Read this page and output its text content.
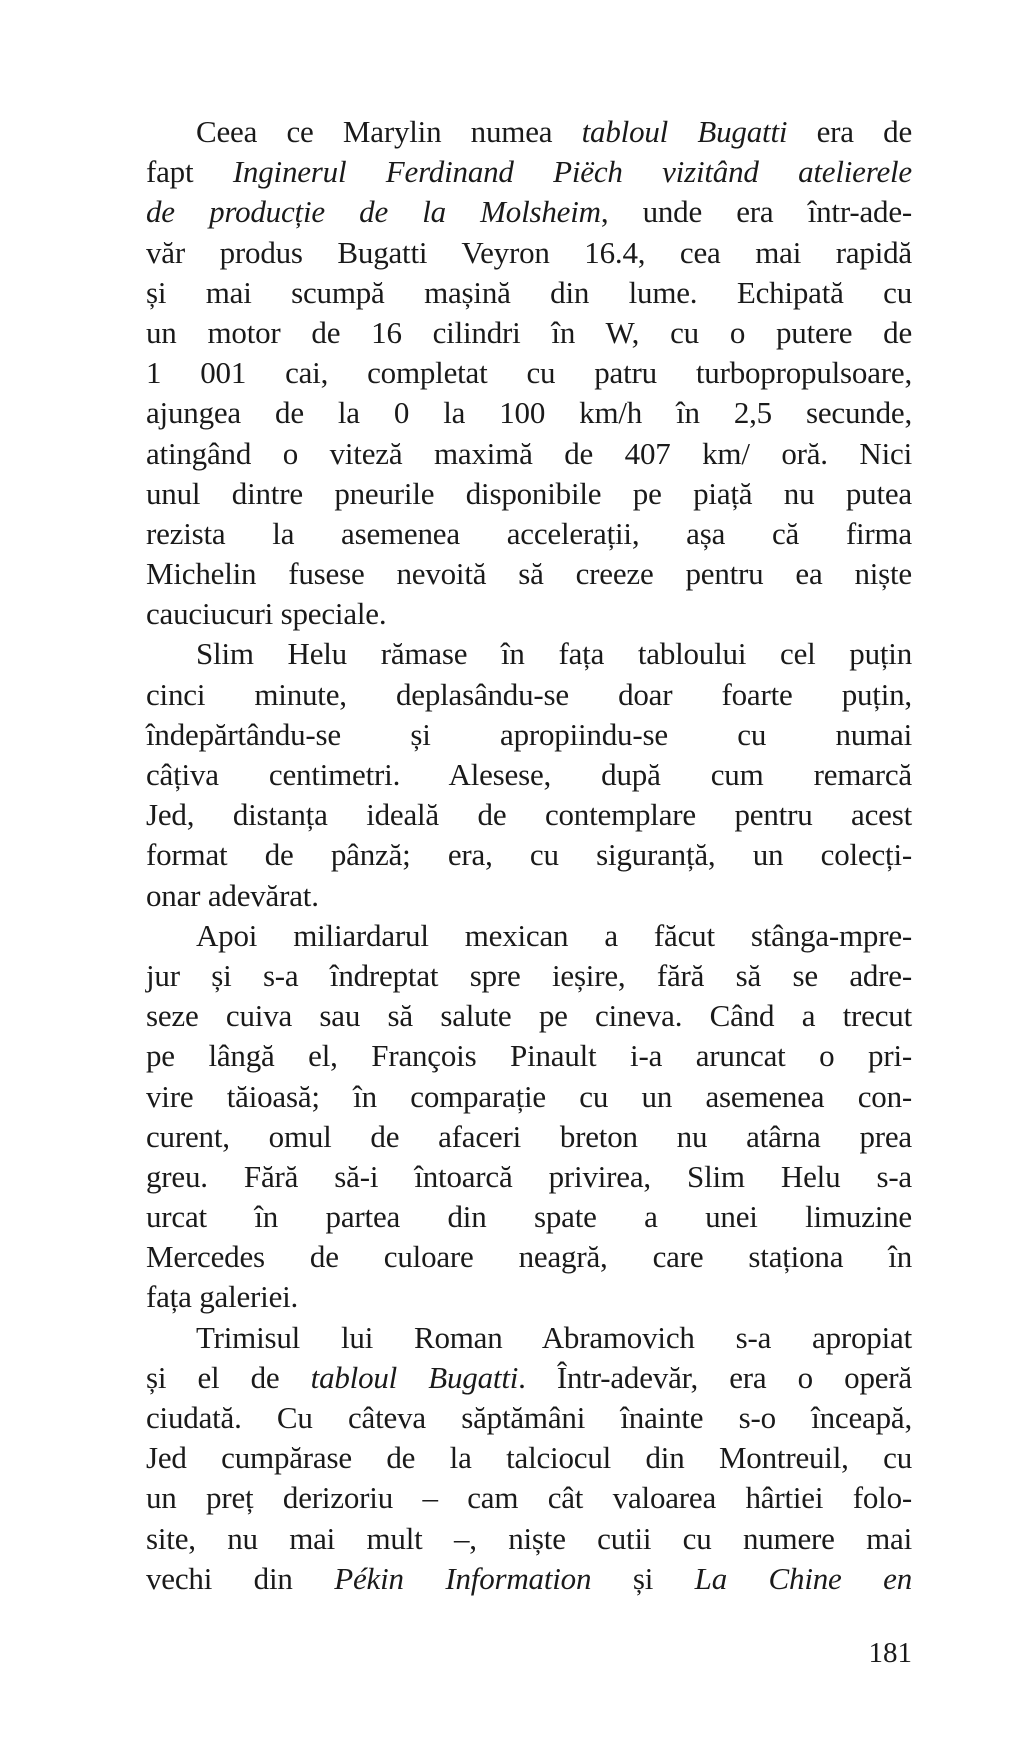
Ceea ce Marylin numea tabloul Bugatti era de
fapt Inginerul Ferdinand Piëch vizitând atelierele
de producție de la Molsheim, unde era într-ade-
văr produs Bugatti Veyron 16.4, cea mai rapidă
și mai scumpă mașină din lume. Echipată cu
un motor de 16 cilindri în W, cu o putere de
1 001 cai, completat cu patru turbopropulsoare,
ajungea de la 0 la 100 km/h în 2,5 secunde,
atingând o viteză maximă de 407 km/ oră. Nici
unul dintre pneurile disponibile pe piață nu putea
rezista la asemenea accelerații, așa că firma
Michelin fusese nevoită să creeze pentru ea niște
cauciucuri speciale.
Slim Helu rămase în fața tabloului cel puțin
cinci minute, deplasându-se doar foarte puțin,
îndepărtându-se și apropiindu-se cu numai
câțiva centimetri. Alesese, după cum remarcă
Jed, distanța ideală de contemplare pentru acest
format de pânză; era, cu siguranță, un colecți-
onar adevărat.
Apoi miliardarul mexican a făcut stânga-mpre-
jur și s-a îndreptat spre ieșire, fără să se adre-
seze cuiva sau să salute pe cineva. Când a trecut
pe lângă el, François Pinault i-a aruncat o pri-
vire tăioasă; în comparație cu un asemenea con-
curent, omul de afaceri breton nu atârna prea
greu. Fără să-i întoarcă privirea, Slim Helu s-a
urcat în partea din spate a unei limuzine
Mercedes de culoare neagră, care staționa în
fața galeriei.
Trimisul lui Roman Abramovich s-a apropiat
și el de tabloul Bugatti. Într-adevăr, era o operă
ciudată. Cu câteva săptămâni înainte s-o înceapă,
Jed cumpărase de la talciocul din Montreuil, cu
un preț derizoriu – cam cât valoarea hârtiei folo-
site, nu mai mult –, niște cutii cu numere mai
vechi din Pékin Information și La Chine en
181
